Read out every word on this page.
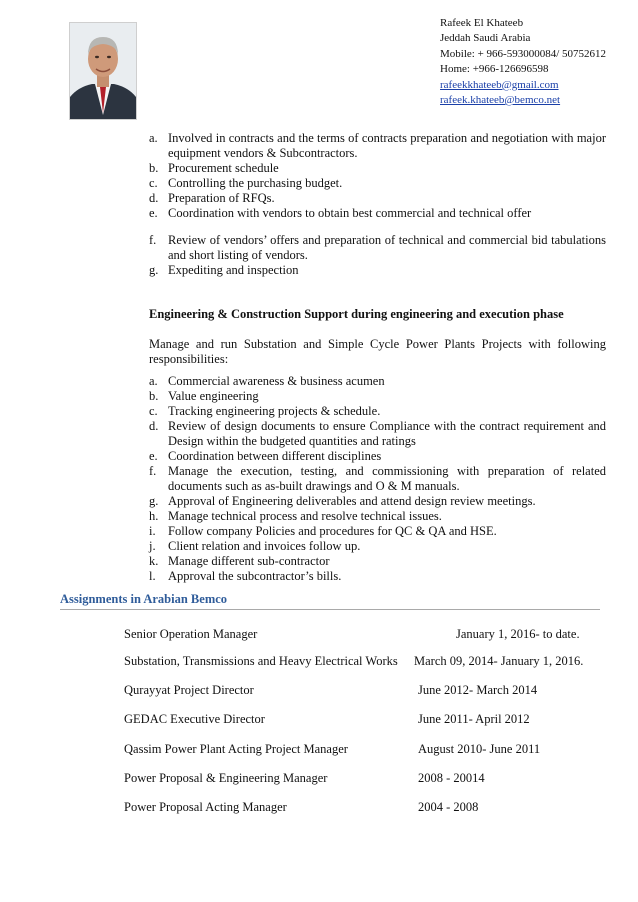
Rafeek El Khateeb
Jeddah Saudi Arabia
Mobile: + 966-593000084/ 50752612
Home: +966-126696598
rafeekkhateeb@gmail.com
rafeek.khateeb@bemco.net
a. Involved in contracts and the terms of contracts preparation and negotiation with major equipment vendors & Subcontractors.
b. Procurement schedule
c. Controlling the purchasing budget.
d. Preparation of RFQs.
e. Coordination with vendors to obtain best commercial and technical offer
f. Review of vendors’ offers and preparation of technical and commercial bid tabulations and short listing of vendors.
g. Expediting and inspection
Engineering & Construction Support during engineering and execution phase
Manage and run Substation and Simple Cycle Power Plants Projects with following responsibilities:
a. Commercial awareness & business acumen
b. Value engineering
c. Tracking engineering projects & schedule.
d. Review of design documents to ensure Compliance with the contract requirement and Design within the budgeted quantities and ratings
e. Coordination between different disciplines
f. Manage the execution, testing, and commissioning with preparation of related documents such as as-built drawings and O & M manuals.
g. Approval of Engineering deliverables and attend design review meetings.
h. Manage technical process and resolve technical issues.
i. Follow company Policies and procedures for QC & QA and HSE.
j. Client relation and invoices follow up.
k. Manage different sub-contractor
l. Approval the subcontractor’s bills.
Assignments in Arabian Bemco
Senior Operation Manager	January 1, 2016- to date.
Substation, Transmissions and Heavy Electrical Works March 09, 2014- January 1, 2016.
Qurayyat Project Director	June 2012- March 2014
GEDAC Executive Director	June 2011- April 2012
Qassim Power Plant Acting Project Manager	August 2010- June 2011
Power Proposal & Engineering Manager	2008 - 20014
Power Proposal Acting Manager	2004 - 2008
